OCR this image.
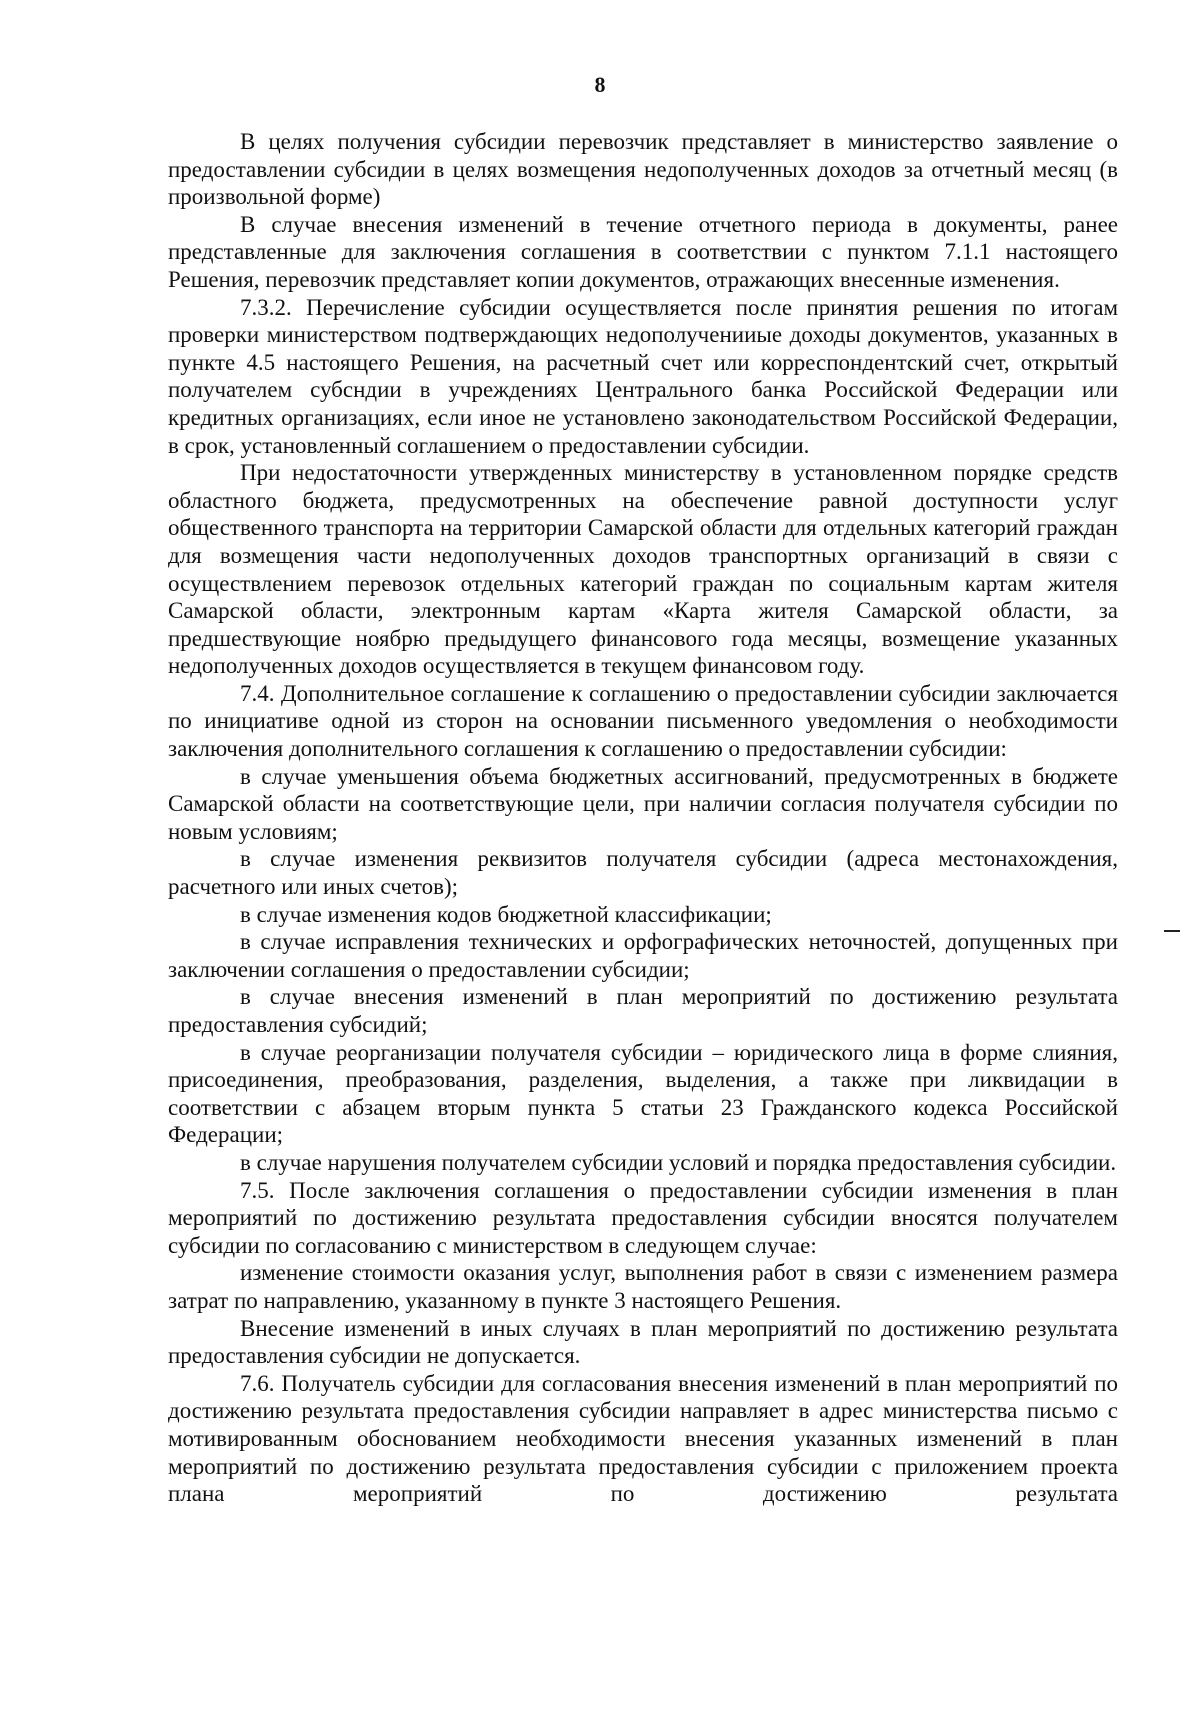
8

В целях получения субсидии перевозчик представляет в министерство заявление о предоставлении субсидии в целях возмещения недополученных доходов за отчетный месяц (в произвольной форме)

В случае внесения изменений в течение отчетного периода в документы, ранее представленные для заключения соглашения в соответствии с пунктом 7.1.1 настоящего Решения, перевозчик представляет копии документов, отражающих внесенные изменения.

7.3.2. Перечисление субсидии осуществляется после принятия решения по итогам проверки министерством подтверждающих недополученииые доходы документов, указанных в пункте 4.5 настоящего Решения, на расчетный счет или корреспондентский счет, открытый получателем субсндии в учреждениях Центрального банка Российской Федерации или кредитных организациях, если иное не установлено законодательством Российской Федерации, в срок, установленный соглашением о предоставлении субсидии.

При недостаточности утвержденных министерству в установленном порядке средств областного бюджета, предусмотренных на обеспечение равной доступности услуг общественного транспорта на территории Самарской области для отдельных категорий граждан для возмещения части недополученных доходов транспортных организаций в связи с осуществлением перевозок отдельных категорий граждан по социальным картам жителя Самарской области, электронным картам «Карта жителя Самарской области, за предшествующие ноябрю предыдущего финансового года месяцы, возмещение указанных недополученных доходов осуществляется в текущем финансовом году.

7.4. Дополнительное соглашение к соглашению о предоставлении субсидии заключается по инициативе одной из сторон на основании письменного уведомления о необходимости заключения дополнительного соглашения к соглашению о предоставлении субсидии:

в случае уменьшения объема бюджетных ассигнований, предусмотренных в бюджете Самарской области на соответствующие цели, при наличии согласия получателя субсидии по новым условиям;

в случае изменения реквизитов получателя субсидии (адреса местонахождения, расчетного или иных счетов);

в случае изменения кодов бюджетной классификации;

в случае исправления технических и орфографических неточностей, допущенных при заключении соглашения о предоставлении субсидии;

в случае внесения изменений в план мероприятий по достижению результата предоставления субсидий;

в случае реорганизации получателя субсидии – юридического лица в форме слияния, присоединения, преобразования, разделения, выделения, а также при ликвидации в соответствии с абзацем вторым пункта 5 статьи 23 Гражданского кодекса Российской Федерации;

в случае нарушения получателем субсидии условий и порядка предоставления субсидии.

7.5. После заключения соглашения о предоставлении субсидии изменения в план мероприятий по достижению результата предоставления субсидии вносятся получателем субсидии по согласованию с министерством в следующем случае:

изменение стоимости оказания услуг, выполнения работ в связи с изменением размера затрат по направлению, указанному в пункте 3 настоящего Решения.

Внесение изменений в иных случаях в план мероприятий по достижению результата предоставления субсидии не допускается.

7.6. Получатель субсидии для согласования внесения изменений в план мероприятий по достижению результата предоставления субсидии направляет в адрес министерства письмо с мотивированным обоснованием необходимости внесения указанных изменений в план мероприятий по достижению результата предоставления субсидии с приложением проекта плана мероприятий по достижению результата
